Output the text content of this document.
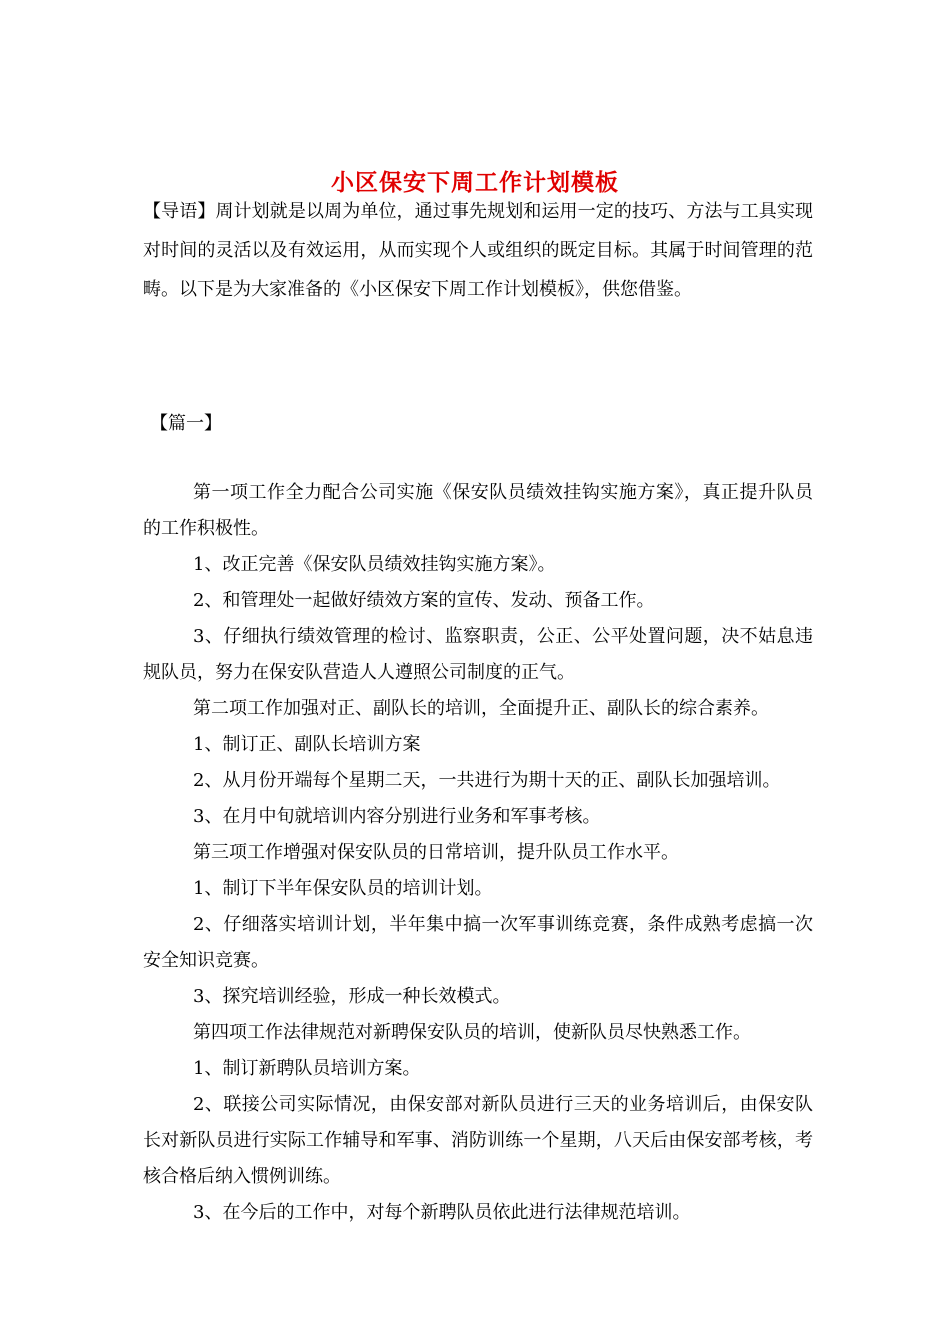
小区保安下周工作计划模板

【导语】周计划就是以周为单位，通过事先规划和运用一定的技巧、方法与工具实现对时间的灵活以及有效运用，从而实现个人或组织的既定目标。其属于时间管理的范畴。以下是为大家准备的《小区保安下周工作计划模板》，供您借鉴。

【篇一】

第一项工作全力配合公司实施《保安队员绩效挂钩实施方案》，真正提升队员的工作积极性。

1、改正完善《保安队员绩效挂钩实施方案》。

2、和管理处一起做好绩效方案的宣传、发动、预备工作。

3、仔细执行绩效管理的检讨、监察职责，公正、公平处置问题，决不姑息违规队员，努力在保安队营造人人遵照公司制度的正气。

第二项工作加强对正、副队长的培训，全面提升正、副队长的综合素养。

1、制订正、副队长培训方案

2、从月份开端每个星期二天，一共进行为期十天的正、副队长加强培训。

3、在月中旬就培训内容分别进行业务和军事考核。

第三项工作增强对保安队员的日常培训，提升队员工作水平。

1、制订下半年保安队员的培训计划。

2、仔细落实培训计划，半年集中搞一次军事训练竞赛，条件成熟考虑搞一次安全知识竞赛。

3、探究培训经验，形成一种长效模式。

第四项工作法律规范对新聘保安队员的培训，使新队员尽快熟悉工作。

1、制订新聘队员培训方案。

2、联接公司实际情况，由保安部对新队员进行三天的业务培训后，由保安队长对新队员进行实际工作辅导和军事、消防训练一个星期，八天后由保安部考核，考核合格后纳入惯例训练。

3、在今后的工作中，对每个新聘队员依此进行法律规范培训。
